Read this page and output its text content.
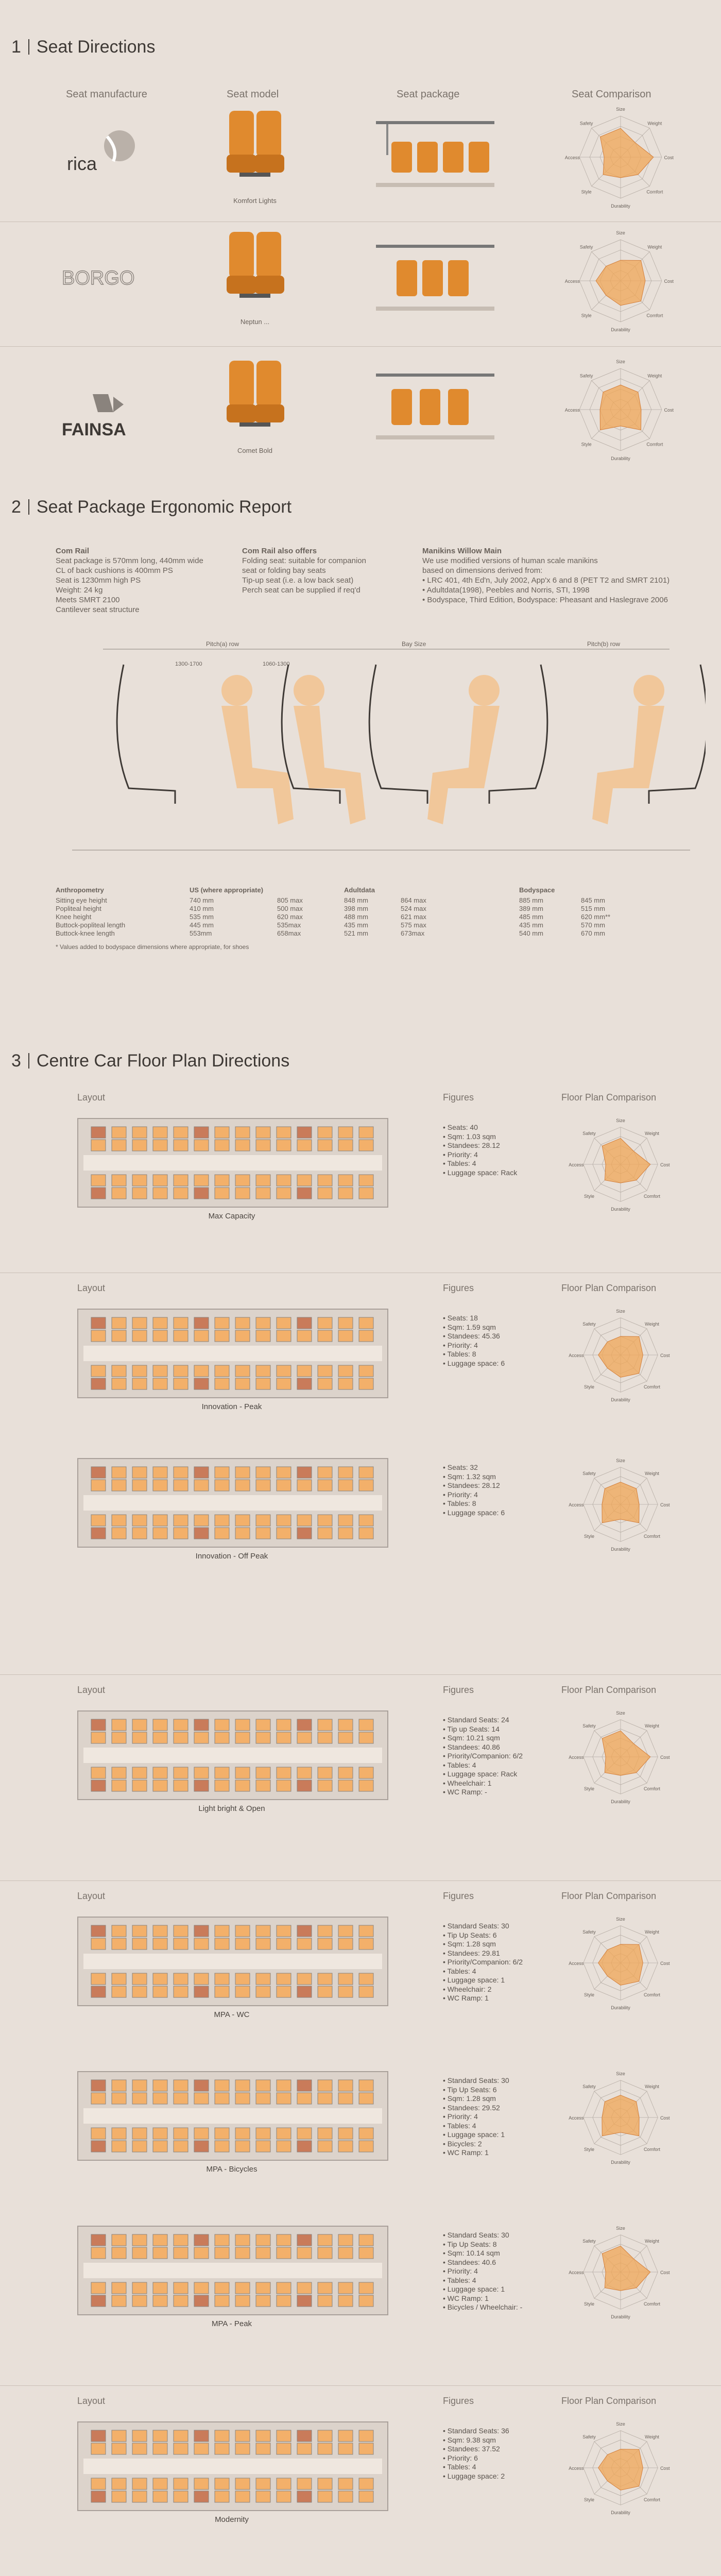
1 Seat Directions
Seat manufacture	Seat model	Seat package	Seat Comparison
rica
Komfort Lights
Size
Weight
Cost
Comfort
Durability
Style
Access
Safety
BORGO
Neptun ...
Size
Weight
Cost
Comfort
Durability
Style
Access
Safety
FAINSA
Comet Bold
Size
Weight
Cost
Comfort
Durability
Style
Access
Safety
2 Seat Package Ergonomic Report
Com Rail
Seat package is 570mm long, 440mm wide
CL of back cushions is 400mm PS
Seat is 1230mm high PS
Weight: 24 kg
Meets SMRT 2100
Cantilever seat structure
Com Rail also offers
Folding seat: suitable for companion
seat or folding bay seats
Tip-up seat (i.e. a low back seat)
Perch seat can be supplied if req'd
Manikins Willow Main
We use modified versions of human scale manikins
based on dimensions derived from:
• LRC 401, 4th Ed'n, July 2002, App'x 6 and 8 (PET T2 and SMRT 2101)
• Adultdata(1998), Peebles and Norris, STI, 1998
• Bodyspace, Third Edition, Bodyspace: Pheasant and Haslegrave 2006
Pitch(a) row	Bay Size	Pitch(b) row
1300-1700	1060-1300
Anthropometry	US (where appropriate)	Adultdata	Bodyspace
Sitting eye height	740 mm	805 max	848 mm	864 max	885 mm	845 mm
Popliteal height	410 mm	500 max	398 mm	524 max	389 mm	515 mm
Knee height	535 mm	620 max	488 mm	621 max	485 mm	620 mm**
Buttock-popliteal length	445 mm	535max	435 mm	575 max	435 mm	570 mm
Buttock-knee length	553mm	658max	521 mm	673max	540 mm	670 mm
* Values added to bodyspace dimensions where appropriate, for shoes
3 Centre Car Floor Plan Directions
Layout	Figures	Floor Plan Comparison
Layout	Figures	Floor Plan Comparison
Layout	Figures	Floor Plan Comparison
Layout	Figures	Floor Plan Comparison
Layout	Figures	Floor Plan Comparison
Max Capacity
• Seats: 40
• Sqm: 1.03 sqm
• Standees: 28.12
• Priority: 4
• Tables: 4
• Luggage space: Rack
Size
Weight
Cost
Comfort
Durability
Style
Access
Safety
Innovation - Peak
• Seats: 18
• Sqm: 1.59 sqm
• Standees: 45.36
• Priority: 4
• Tables: 8
• Luggage space: 6
Size
Weight
Cost
Comfort
Durability
Style
Access
Safety
Innovation - Off Peak
• Seats: 32
• Sqm: 1.32 sqm
• Standees: 28.12
• Priority: 4
• Tables: 8
• Luggage space: 6
Size
Weight
Cost
Comfort
Durability
Style
Access
Safety
Light bright & Open
• Standard Seats: 24
• Tip up Seats: 14
• Sqm: 10.21 sqm
• Standees: 40.86
• Priority/Companion: 6/2
• Tables: 4
• Luggage space: Rack
• Wheelchair: 1
• WC Ramp: -
Size
Weight
Cost
Comfort
Durability
Style
Access
Safety
MPA - WC
• Standard Seats: 30
• Tip Up Seats: 6
• Sqm: 1.28 sqm
• Standees: 29.81
• Priority/Companion: 6/2
• Tables: 4
• Luggage space: 1
• Wheelchair: 2
• WC Ramp: 1
Size
Weight
Cost
Comfort
Durability
Style
Access
Safety
MPA - Bicycles
• Standard Seats: 30
• Tip Up Seats: 6
• Sqm: 1.28 sqm
• Standees: 29.52
• Priority: 4
• Tables: 4
• Luggage space: 1
• Bicycles: 2
• WC Ramp: 1
Size
Weight
Cost
Comfort
Durability
Style
Access
Safety
MPA - Peak
• Standard Seats: 30
• Tip Up Seats: 8
• Sqm: 10.14 sqm
• Standees: 40.6
• Priority: 4
• Tables: 4
• Luggage space: 1
• WC Ramp: 1
• Bicycles / Wheelchair: -
Size
Weight
Cost
Comfort
Durability
Style
Access
Safety
Modernity
• Standard Seats: 36
• Sqm: 9.38 sqm
• Standees: 37.52
• Priority: 6
• Tables: 4
• Luggage space: 2
Size
Weight
Cost
Comfort
Durability
Style
Access
Safety
